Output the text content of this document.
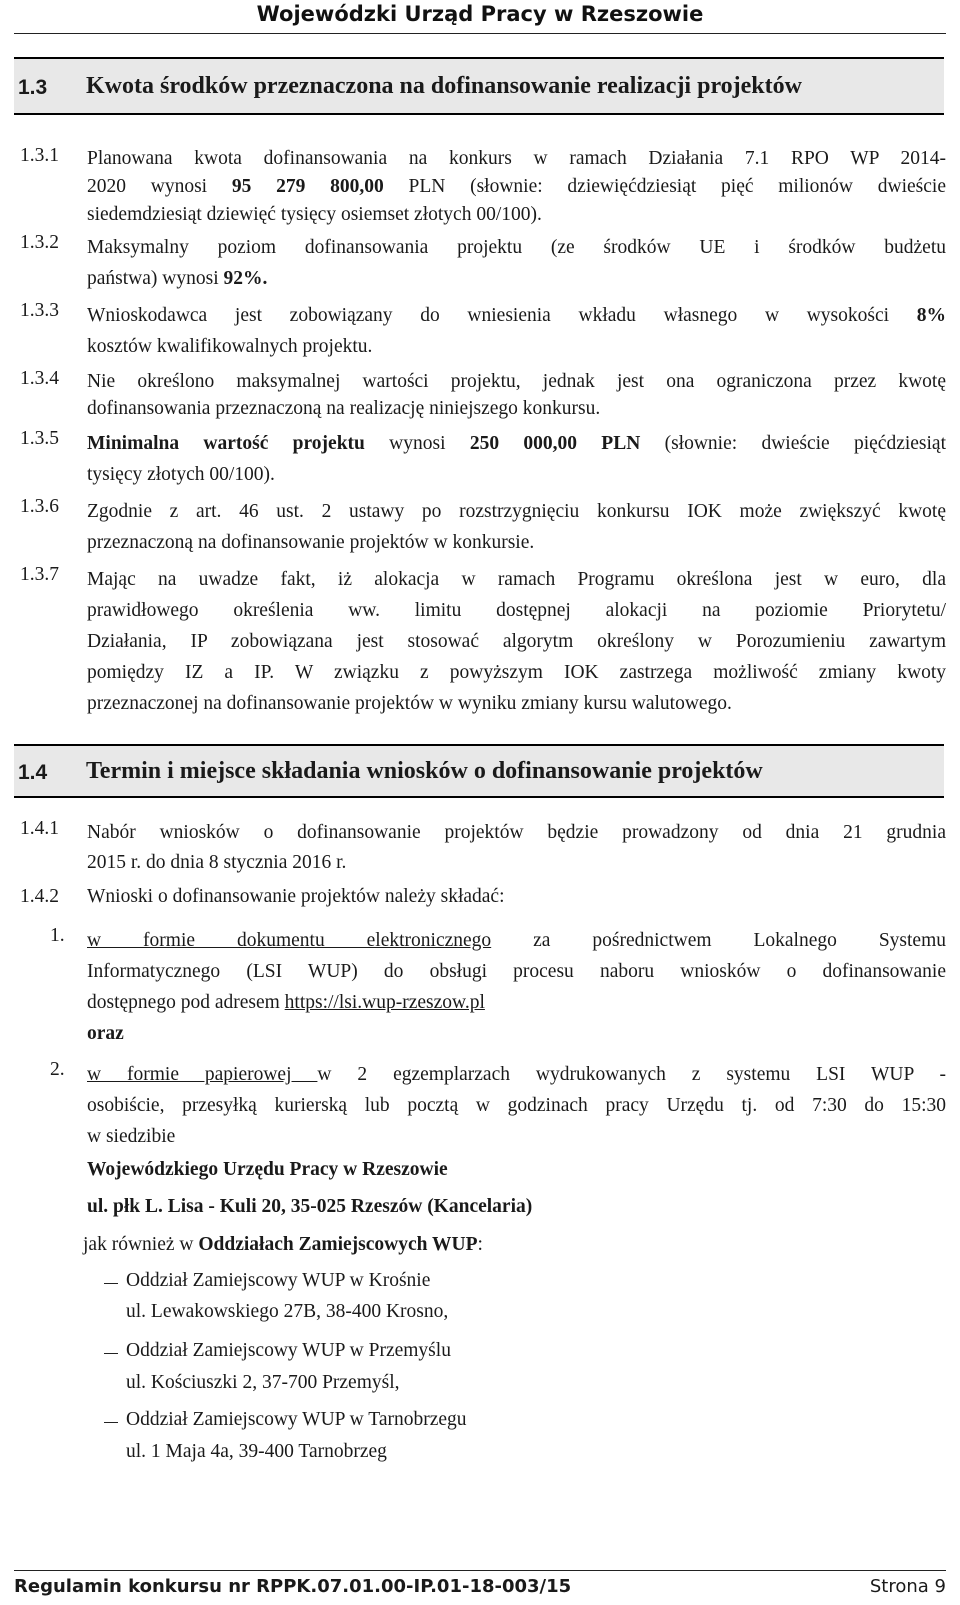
Wojewódzki Urząd Pracy w Rzeszowie
1.3 Kwota środków przeznaczona na dofinansowanie realizacji projektów
1.3.1 Planowana kwota dofinansowania na konkurs w ramach Działania 7.1 RPO WP 2014-
2020 wynosi 95 279 800,00 PLN (słownie: dziewięćdziesiąt pięć milionów dwieście
siedemdziesiąt dziewięć tysięcy osiemset złotych 00/100).
1.3.2 Maksymalny poziom dofinansowania projektu (ze środków UE i środków budżetu
państwa) wynosi 92%.
1.3.3 Wnioskodawca jest zobowiązany do wniesienia wkładu własnego w wysokości 8%
kosztów kwalifikowalnych projektu.
1.3.4 Nie określono maksymalnej wartości projektu, jednak jest ona ograniczona przez kwotę
dofinansowania przeznaczoną na realizację niniejszego konkursu.
1.3.5 Minimalna wartość projektu wynosi 250 000,00 PLN (słownie: dwieście pięćdziesiąt
tysięcy złotych 00/100).
1.3.6 Zgodnie z art. 46 ust. 2 ustawy po rozstrzygnięciu konkursu IOK może zwiększyć kwotę
przeznaczoną na dofinansowanie projektów w konkursie.
1.3.7 Mając na uwadze fakt, iż alokacja w ramach Programu określona jest w euro, dla
prawidłowego określenia ww. limitu dostępnej alokacji na poziomie Priorytetu/
Działania, IP zobowiązana jest stosować algorytm określony w Porozumieniu zawartym
pomiędzy IZ a IP. W związku z powyższym IOK zastrzega możliwość zmiany kwoty
przeznaczonej na dofinansowanie projektów w wyniku zmiany kursu walutowego.
1.4 Termin i miejsce składania wniosków o dofinansowanie projektów
1.4.1 Nabór wniosków o dofinansowanie projektów będzie prowadzony od dnia 21 grudnia
2015 r. do dnia 8 stycznia 2016 r.
1.4.2 Wnioski o dofinansowanie projektów należy składać:
1. w formie dokumentu elektronicznego za pośrednictwem Lokalnego Systemu
Informatycznego (LSI WUP) do obsługi procesu naboru wniosków o dofinansowanie
dostępnego pod adresem https://lsi.wup-rzeszow.pl
oraz
2. w formie papierowej w 2 egzemplarzach wydrukowanych z systemu LSI WUP -
osobiście, przesyłką kurierską lub pocztą w godzinach pracy Urzędu tj. od 7:30 do 15:30
w siedzibie
Wojewódzkiego Urzędu Pracy w Rzeszowie
ul. płk L. Lisa - Kuli 20, 35-025 Rzeszów (Kancelaria)
jak również w Oddziałach Zamiejscowych WUP:
Oddział Zamiejscowy WUP w Krośnie
ul. Lewakowskiego 27B, 38-400 Krosno,
Oddział Zamiejscowy WUP w Przemyślu
ul. Kościuszki 2, 37-700 Przemyśl,
Oddział Zamiejscowy WUP w Tarnobrzegu
ul. 1 Maja 4a, 39-400 Tarnobrzeg
Regulamin konkursu nr RPPK.07.01.00-IP.01-18-003/15	Strona 9
